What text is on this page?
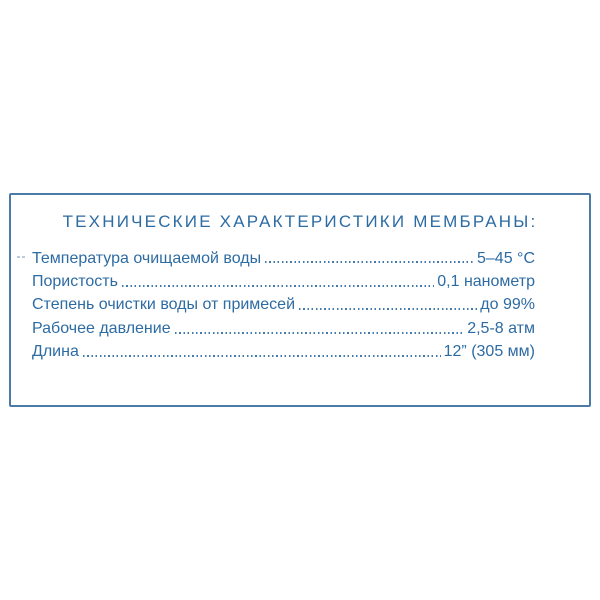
ТЕХНИЧЕСКИЕ ХАРАКТЕРИСТИКИ МЕМБРАНЫ:
Температура очищаемой воды	5–45 °С
Пористость	0,1 нанометр
Степень очистки воды от примесей	до 99%
Рабочее давление	2,5-8 атм
Длина	12” (305 мм)
